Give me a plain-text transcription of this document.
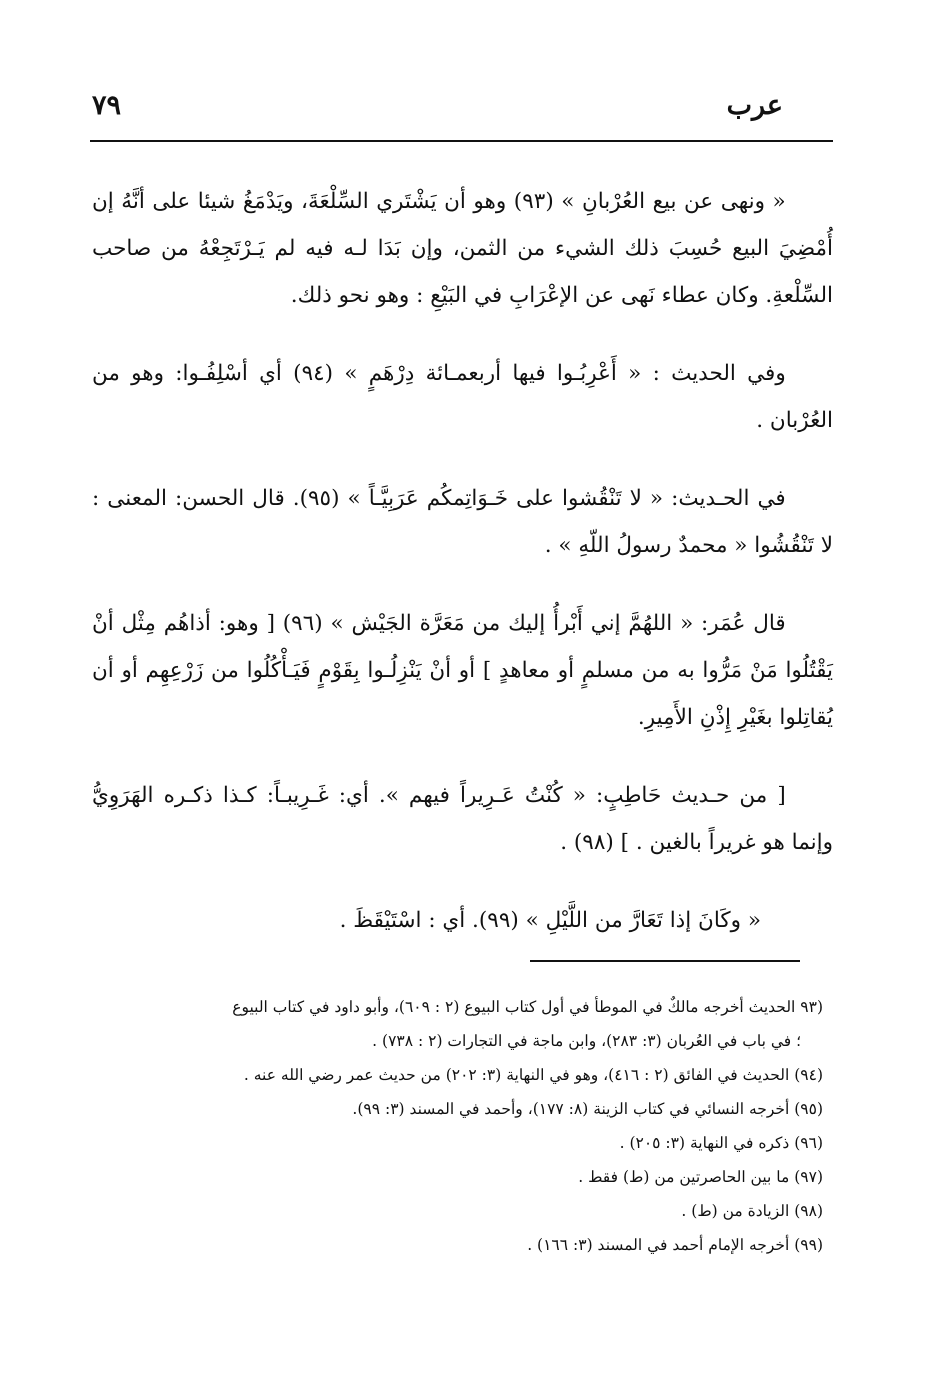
عرب
٧٩

« ونهى عن بيع العُرْبانِ » (٩٣) وهو أن يَشْتَري السِّلْعَةَ، ويَدْمَغُ شيئا على أنَّهُ إن أُمْضِيَ البيع حُسِبَ ذلك الشيء من الثمن، وإن بَدَا لـه فيه لم يَـرْتَجِعْهُ من صاحب السِّلْعةِ. وكان عطاء نَهى عن الإعْرَابِ في البَيْعِ : وهو نحو ذلك.

وفي الحديث : « أَعْرِبُـوا فيها أربعمـائة دِرْهَمٍ » (٩٤) أي أسْلِفُـوا: وهو من العُرْبان .

في الحـديث: « لا تَنْقُشوا على خَـوَاتِمكُم عَرَبِيَّـاً » (٩٥). قال الحسن: المعنى : لا تَنْقُشُوا « محمدٌ رسولُ اللّهِ » .

قال عُمَر: « اللهُمَّ إني أَبْرأُ إليك من مَعَرَّة الجَيْش » (٩٦) [ وهو: أذاهُم مِثْل أنْ يَقْتُلُوا مَنْ مَرُّوا به من مسلمٍ أو معاهدٍ ] أو أنْ يَنْزِلُـوا بِقَوْمٍ فَيَـأْكُلُوا من زَرْعِهِم أو أن يُقاتِلوا بغَيْرِ إِذْنِ الأَمِيرِ.

[ من حـديث حَاطِبٍ: « كُنْتُ عَـرِيراً فيهم ». أي: غَـرِيبـاً: كـذا ذكـره الهَرَوِيُّ وإنما هو غريراً بالغين . ] (٩٨) .

« وكَانَ إذا تَعَارَّ من اللَّيْلِ » (٩٩). أي : اسْتَيْقَظَ .

(٩٣ الحديث أخرجه مالكٌ في الموطأ في أول كتاب البيوع (٢ : ٦٠٩)، وأبو داود في كتاب البيوع
؛ في باب في العُربان (٣: ٢٨٣)، وابن ماجة في التجارات (٢ : ٧٣٨) .

(٩٤) الحديث في الفائق (٢ : ٤١٦)، وهو في النهاية (٣: ٢٠٢) من حديث عمر رضي الله عنه .

(٩٥) أخرجه النسائي في كتاب الزينة (٨: ١٧٧)، وأحمد في المسند (٣: ٩٩).

(٩٦) ذكره في النهاية (٣: ٢٠٥) .

(٩٧) ما بين الحاصرتين من (ط) فقط .

(٩٨) الزيادة من (ط) .

(٩٩) أخرجه الإمام أحمد في المسند (٣: ١٦٦) .
